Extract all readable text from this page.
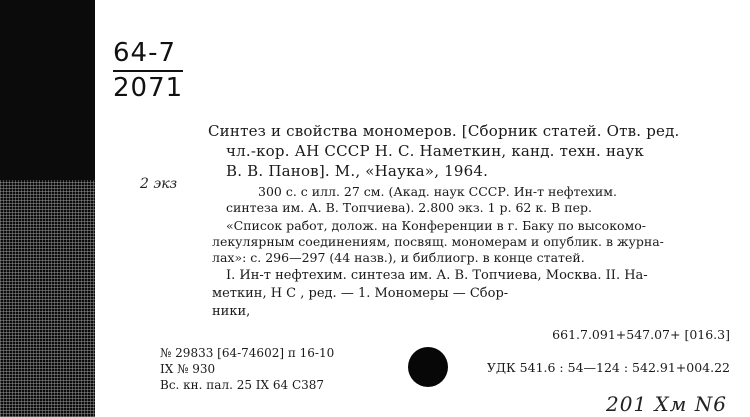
64-7
2071
Синтез и свойства мономеров. [Сборник статей. Отв. ред.
чл.-кор. АН СССР Н. С. Наметкин, канд. техн. наук
В. В. Панов]. М., «Наука», 1964.
2 экз	300 с. с илл. 27 см. (Акад. наук СССР. Ин-т нефтехим.
синтеза им. А. В. Топчиева). 2.800 экз. 1 р. 62 к. В пер.
«Список работ, долож. на Конференции в г. Баку по высокомо-
лекулярным соединениям, посвящ. мономерам и опублик. в журна-
лах»: с. 296—297 (44 назв.), и библиогр. в конце статей.
I. Ин-т нефтехим. синтеза им. А. В. Топчиева, Москва. II. На-
меткин, Н С , ред. — 1. Мономеры — Сбор-
ники,
661.7.091+547.07+ [016.3]
№ 29833 [64-74602] п 16-10
IX № 930
Вс. кн. пал. 25 IX 64 С387
УДК 541.6 : 54—124 : 542.91+004.22
201 Хм N6
